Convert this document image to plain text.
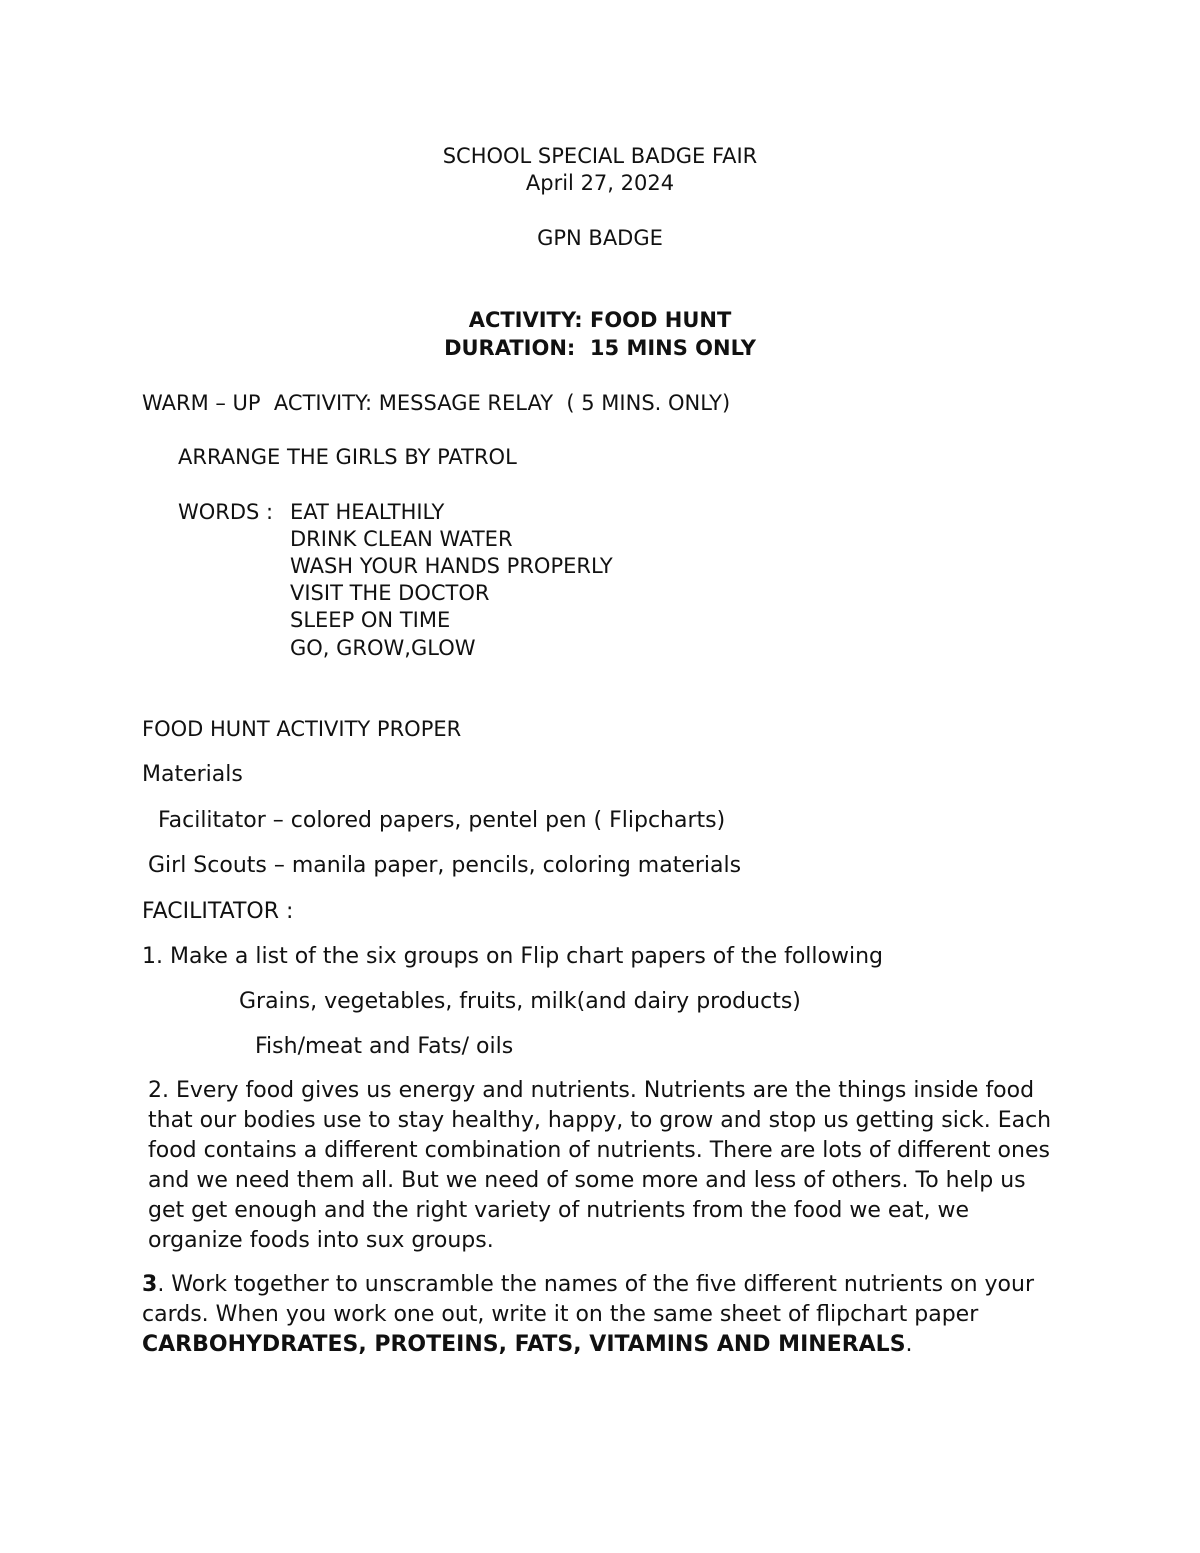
SCHOOL SPECIAL BADGE FAIR
April 27, 2024
GPN BADGE
ACTIVITY: FOOD HUNT
DURATION:  15 MINS ONLY
WARM – UP  ACTIVITY: MESSAGE RELAY  ( 5 MINS. ONLY)
ARRANGE THE GIRLS BY PATROL
WORDS : EAT HEALTHILY
DRINK CLEAN WATER
WASH YOUR HANDS PROPERLY
VISIT THE DOCTOR
SLEEP ON TIME
GO, GROW,GLOW
FOOD HUNT ACTIVITY PROPER
Materials
Facilitator – colored papers, pentel pen ( Flipcharts)
Girl Scouts – manila paper, pencils, coloring materials
FACILITATOR :
1. Make a list of the six groups on Flip chart papers of the following
Grains, vegetables, fruits, milk(and dairy products)
Fish/meat and Fats/ oils
2. Every food gives us energy and nutrients. Nutrients are the things inside food that our bodies use to stay healthy, happy, to grow and stop us getting sick. Each food contains a different combination of nutrients. There are lots of different ones and we need them all. But we need of some more and less of others. To help us get get enough and the right variety of nutrients from the food we eat, we organize foods into sux groups.
3. Work together to unscramble the names of the five different nutrients on your cards. When you work one out, write it on the same sheet of flipchart paper CARBOHYDRATES, PROTEINS, FATS, VITAMINS AND MINERALS.
